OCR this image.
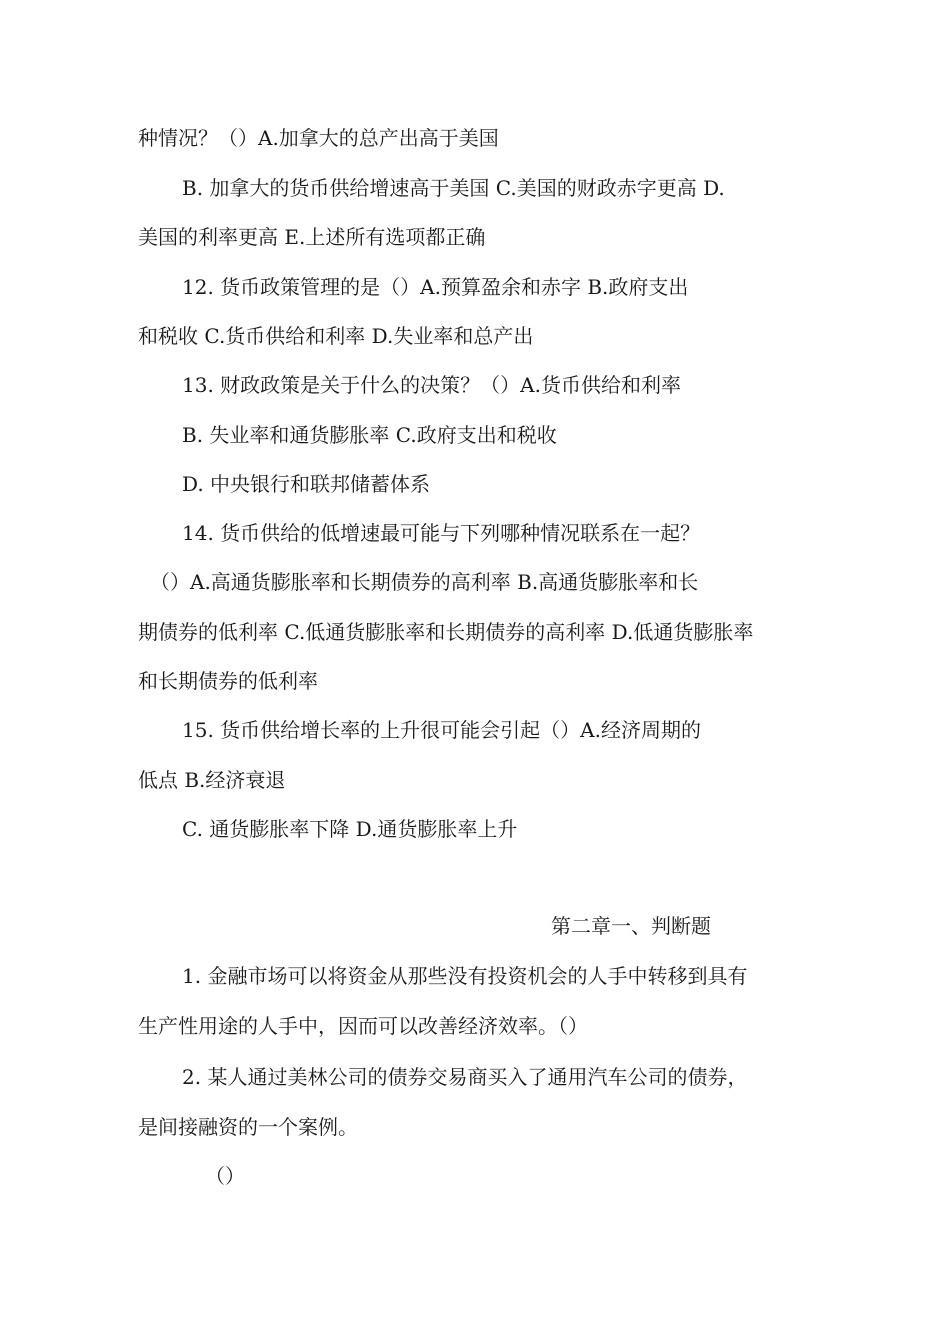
种情况？（）A.加拿大的总产出高于美国
B. 加拿大的货币供给增速高于美国 C.美国的财政赤字更高 D.
美国的利率更高 E.上述所有选项都正确
12. 货币政策管理的是（）A.预算盈余和赤字 B.政府支出
和税收 C.货币供给和利率 D.失业率和总产出
13. 财政政策是关于什么的决策？（）A.货币供给和利率
B. 失业率和通货膨胀率 C.政府支出和税收
D. 中央银行和联邦储蓄体系
14. 货币供给的低增速最可能与下列哪种情况联系在一起？
（）A.高通货膨胀率和长期债券的高利率 B.高通货膨胀率和长
期债券的低利率 C.低通货膨胀率和长期债券的高利率 D.低通货膨胀率
和长期债券的低利率
15. 货币供给增长率的上升很可能会引起（）A.经济周期的
低点 B.经济衰退
C. 通货膨胀率下降 D.通货膨胀率上升
第二章一、判断题
1. 金融市场可以将资金从那些没有投资机会的人手中转移到具有
生产性用途的人手中，因而可以改善经济效率。（）
2. 某人通过美林公司的债券交易商买入了通用汽车公司的债券，
是间接融资的一个案例。
（）
